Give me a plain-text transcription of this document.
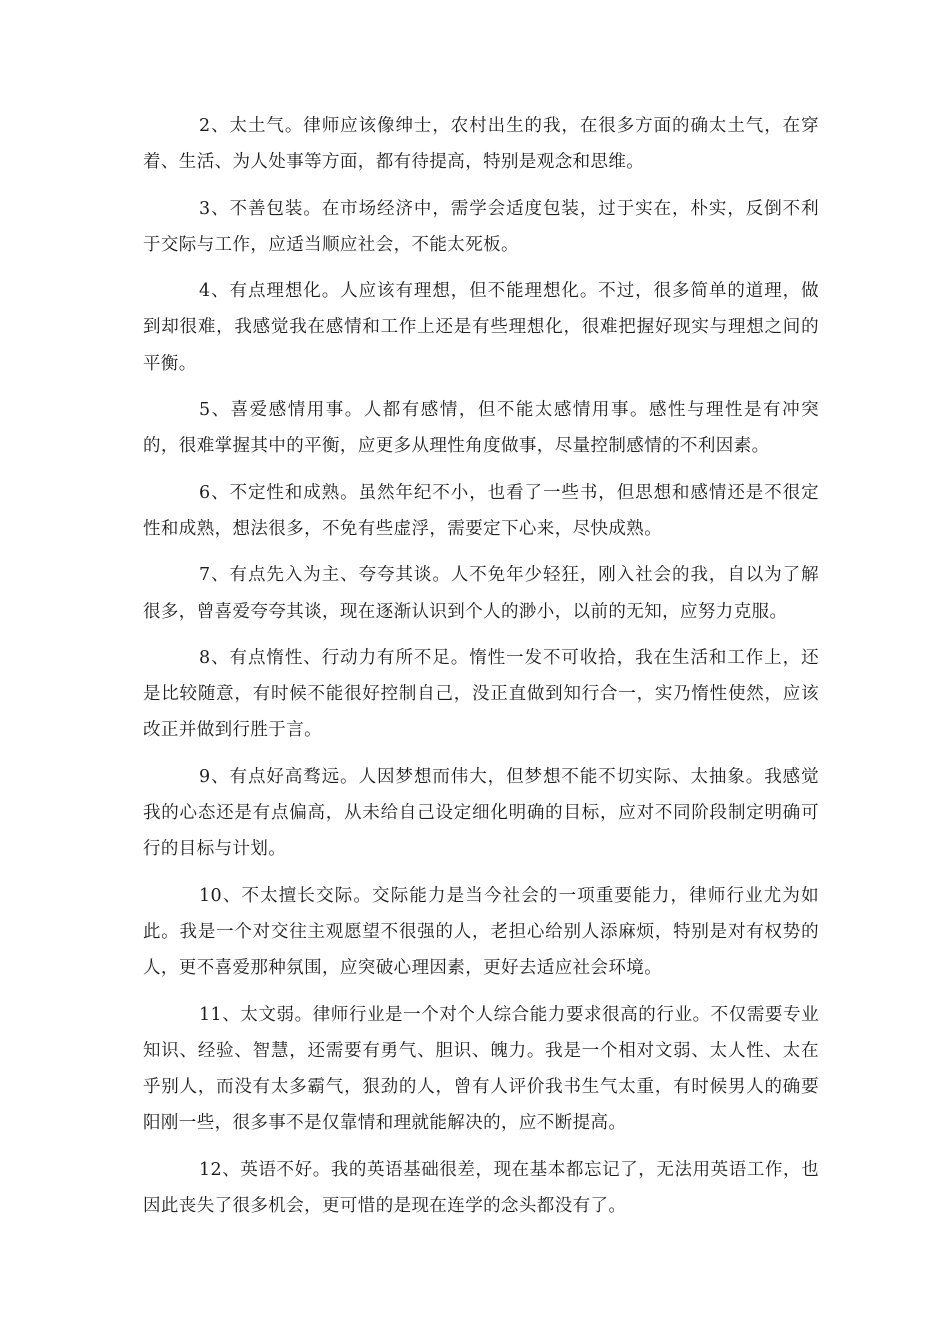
2、太土气。律师应该像绅士，农村出生的我，在很多方面的确太土气，在穿着、生活、为人处事等方面，都有待提高，特别是观念和思维。

3、不善包装。在市场经济中，需学会适度包装，过于实在，朴实，反倒不利于交际与工作，应适当顺应社会，不能太死板。

4、有点理想化。人应该有理想，但不能理想化。不过，很多简单的道理，做到却很难，我感觉我在感情和工作上还是有些理想化，很难把握好现实与理想之间的平衡。

5、喜爱感情用事。人都有感情，但不能太感情用事。感性与理性是有冲突的，很难掌握其中的平衡，应更多从理性角度做事，尽量控制感情的不利因素。

6、不定性和成熟。虽然年纪不小，也看了一些书，但思想和感情还是不很定性和成熟，想法很多，不免有些虚浮，需要定下心来，尽快成熟。

7、有点先入为主、夸夸其谈。人不免年少轻狂，刚入社会的我，自以为了解很多，曾喜爱夸夸其谈，现在逐渐认识到个人的渺小，以前的无知，应努力克服。

8、有点惰性、行动力有所不足。惰性一发不可收拾，我在生活和工作上，还是比较随意，有时候不能很好控制自己，没正直做到知行合一，实乃惰性使然，应该改正并做到行胜于言。

9、有点好高骛远。人因梦想而伟大，但梦想不能不切实际、太抽象。我感觉我的心态还是有点偏高，从未给自己设定细化明确的目标，应对不同阶段制定明确可行的目标与计划。

10、不太擅长交际。交际能力是当今社会的一项重要能力，律师行业尤为如此。我是一个对交往主观愿望不很强的人，老担心给别人添麻烦，特别是对有权势的人，更不喜爱那种氛围，应突破心理因素，更好去适应社会环境。

11、太文弱。律师行业是一个对个人综合能力要求很高的行业。不仅需要专业知识、经验、智慧，还需要有勇气、胆识、魄力。我是一个相对文弱、太人性、太在乎别人，而没有太多霸气，狠劲的人，曾有人评价我书生气太重，有时候男人的确要阳刚一些，很多事不是仅靠情和理就能解决的，应不断提高。

12、英语不好。我的英语基础很差，现在基本都忘记了，无法用英语工作，也因此丧失了很多机会，更可惜的是现在连学的念头都没有了。
